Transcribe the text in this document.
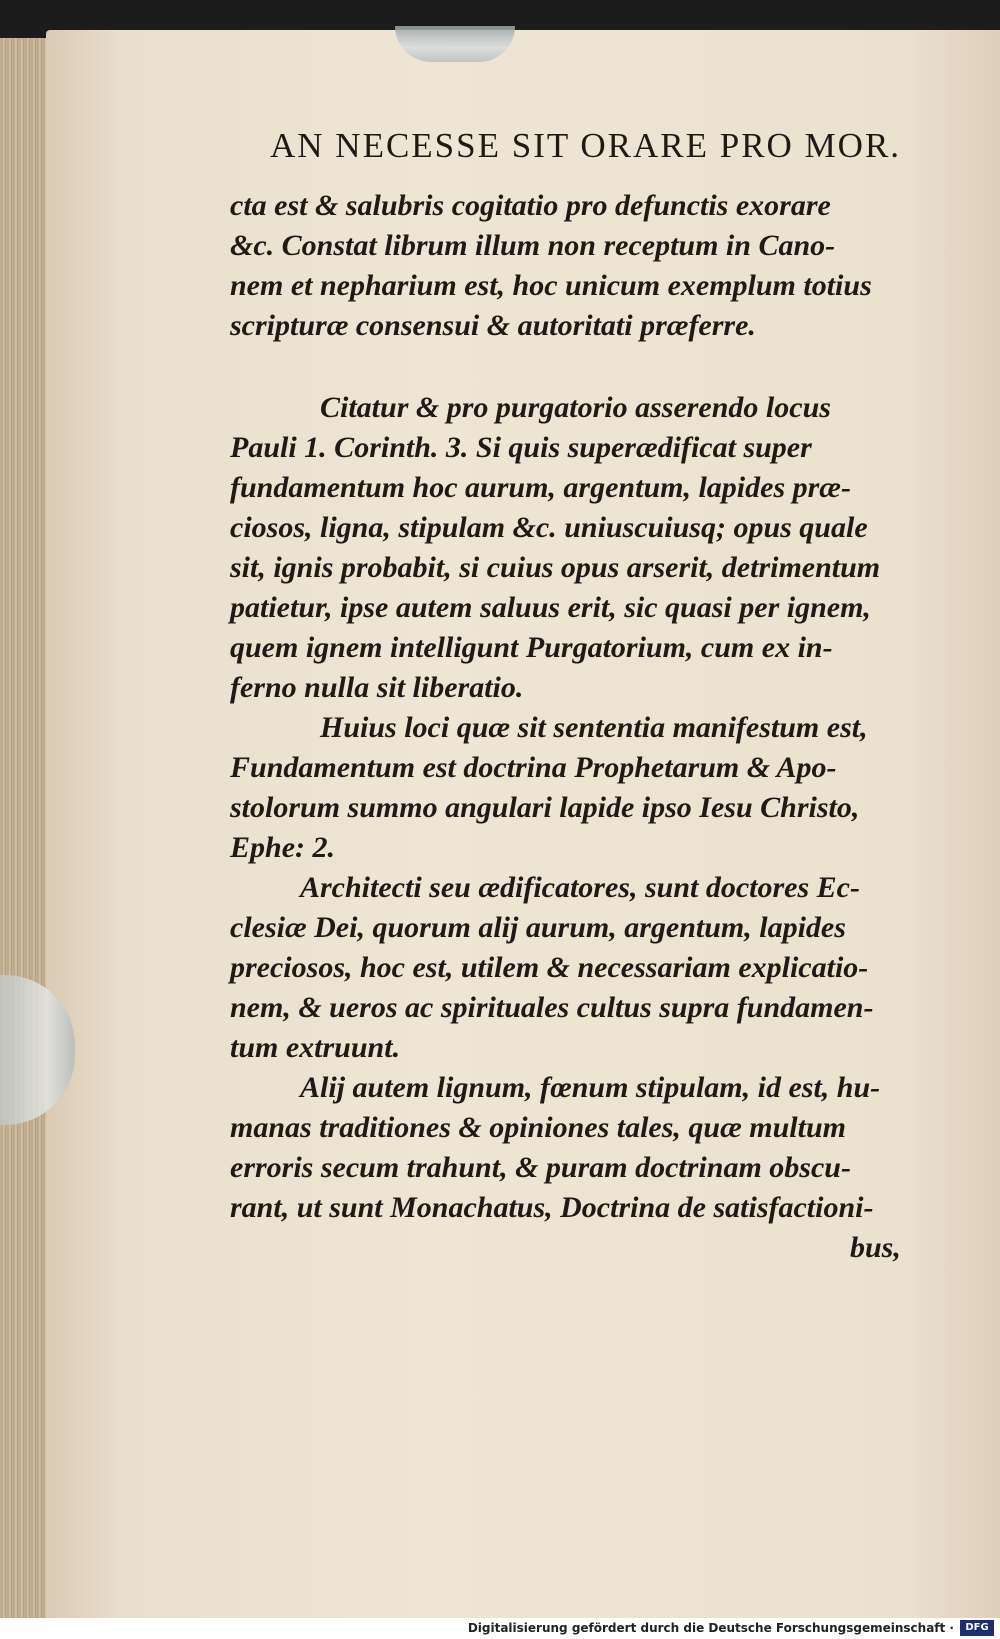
AN NECESSE SIT ORARE PRO MOR.
cta est & salubris cogitatio pro defunctis exorare
&c. Constat librum illum non receptum in Cano-
nem et nepharium est, hoc unicum exemplum totius
scripturæ consensui & autoritati præferre.
Citatur & pro purgatorio asserendo locus
Pauli 1. Corinth. 3. Si quis superædificat super
fundamentum hoc aurum, argentum, lapides præ-
ciosos, ligna, stipulam &c. uniuscuiusq; opus quale
sit, ignis probabit, si cuius opus arserit, detrimentum
patietur, ipse autem saluus erit, sic quasi per ignem,
quem ignem intelligunt Purgatorium, cum ex in-
ferno nulla sit liberatio.
Huius loci quæ sit sententia manifestum est,
Fundamentum est doctrina Prophetarum & Apo-
stolorum summo angulari lapide ipso Iesu Christo,
Ephe: 2.
Architecti seu ædificatores, sunt doctores Ec-
clesiæ Dei, quorum alij aurum, argentum, lapides
preciosos, hoc est, utilem & necessariam explicatio-
nem, & ueros ac spirituales cultus supra fundamen-
tum extruunt.
Alij autem lignum, fœnum stipulam, id est, hu-
manas traditiones & opiniones tales, quæ multum
erroris secum trahunt, & puram doctrinam obscu-
rant, ut sunt Monachatus, Doctrina de satisfactioni-
bus,
Digitalisierung gefördert durch die Deutsche Forschungsgemeinschaft ·	DFG
